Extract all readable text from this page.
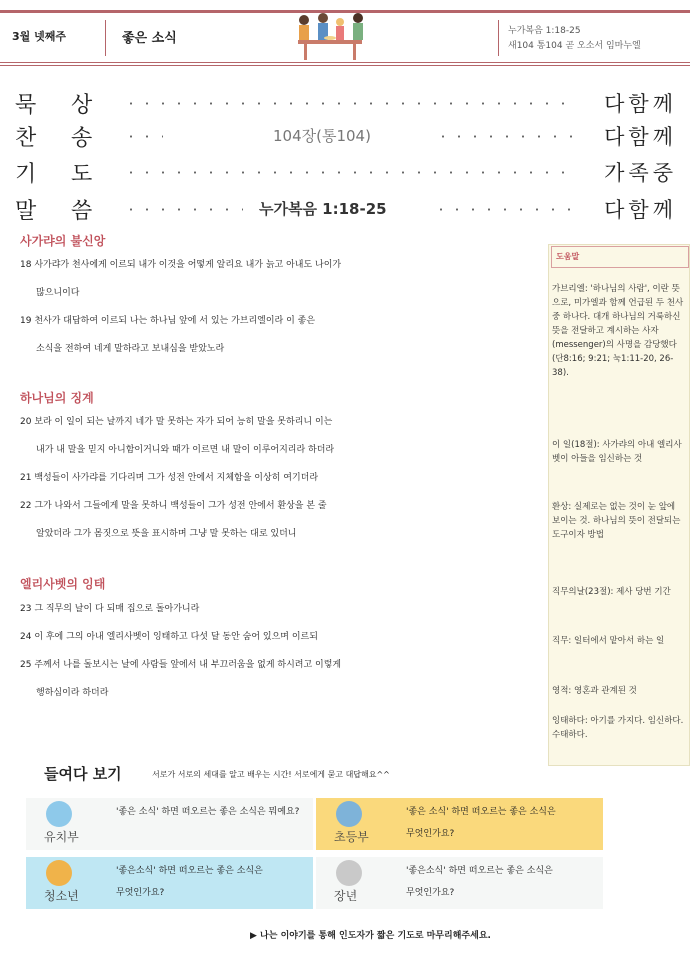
3월 넷째주	좋은 소식	누가복음 1:18-25
새104 통104 곧 오소서 임마누엘
묵 상	다함께
찬 송	104장(통104)	다함께
기 도	가족중
말 씀	누가복음 1:18-25	다함께
사가랴의 불신앙
18 사가랴가 천사에게 이르되 내가 이것을 어떻게 알리요 내가 늙고 아내도 나이가
많으니이다
19 천사가 대답하여 이르되 나는 하나님 앞에 서 있는 가브리엘이라 이 좋은
소식을 전하여 네게 말하라고 보내심을 받았노라
하나님의 징계
20 보라 이 일이 되는 날까지 네가 말 못하는 자가 되어 능히 말을 못하리니 이는
내가 내 말을 믿지 아니함이거니와 때가 이르면 내 말이 이루어지리라 하더라
21 백성들이 사가랴를 기다리며 그가 성전 안에서 지체함을 이상히 여기더라
22 그가 나와서 그들에게 말을 못하니 백성들이 그가 성전 안에서 환상을 본 줄
알았더라 그가 몸짓으로 뜻을 표시하며 그냥 말 못하는 대로 있더니
엘리사벳의 잉태
23 그 직무의 날이 다 되매 집으로 돌아가니라
24 이 후에 그의 아내 엘리사벳이 잉태하고 다섯 달 동안 숨어 있으며 이르되
25 주께서 나를 돌보시는 날에 사람들 앞에서 내 부끄러움을 없게 하시려고 이렇게
행하심이라 하더라
도움말
가브리엘: '하나님의 사람', 이란 뜻으로, 미가엘과 함께 언급된 두 천사 중 하나다. 대개 하나님의 거룩하신 뜻을 전달하고 계시하는 사자(messenger)의 사명을 감당했다 (단8:16; 9:21; 눅1:11-20, 26-38).
이 일(18절): 사가랴의 아내 엘리사벳이 아들을 임신하는 것
환상: 실제로는 없는 것이 눈 앞에 보이는 것. 하나님의 뜻이 전달되는 도구이자 방법
직무의날(23절): 제사 당번 기간
직무: 일터에서 맡아서 하는 일
영적: 영혼과 관계된 것
잉태하다: 아기를 가지다. 임신하다. 수태하다.
들여다 보기	서로가 서로의 세대를 알고 배우는 시간! 서로에게 묻고 대답해요^^
유치부
'좋은 소식' 하면 떠오르는 좋은 소식은 뭐예요?
초등부
'좋은 소식' 하면 떠오르는 좋은 소식은
무엇인가요?
청소년
'좋은소식' 하면 떠오르는 좋은 소식은
무엇인가요?	장년
'좋은소식' 하면 떠오르는 좋은 소식은
무엇인가요?
▶ 나는 이야기를 통해 인도자가 짧은 기도로 마무리해주세요.
